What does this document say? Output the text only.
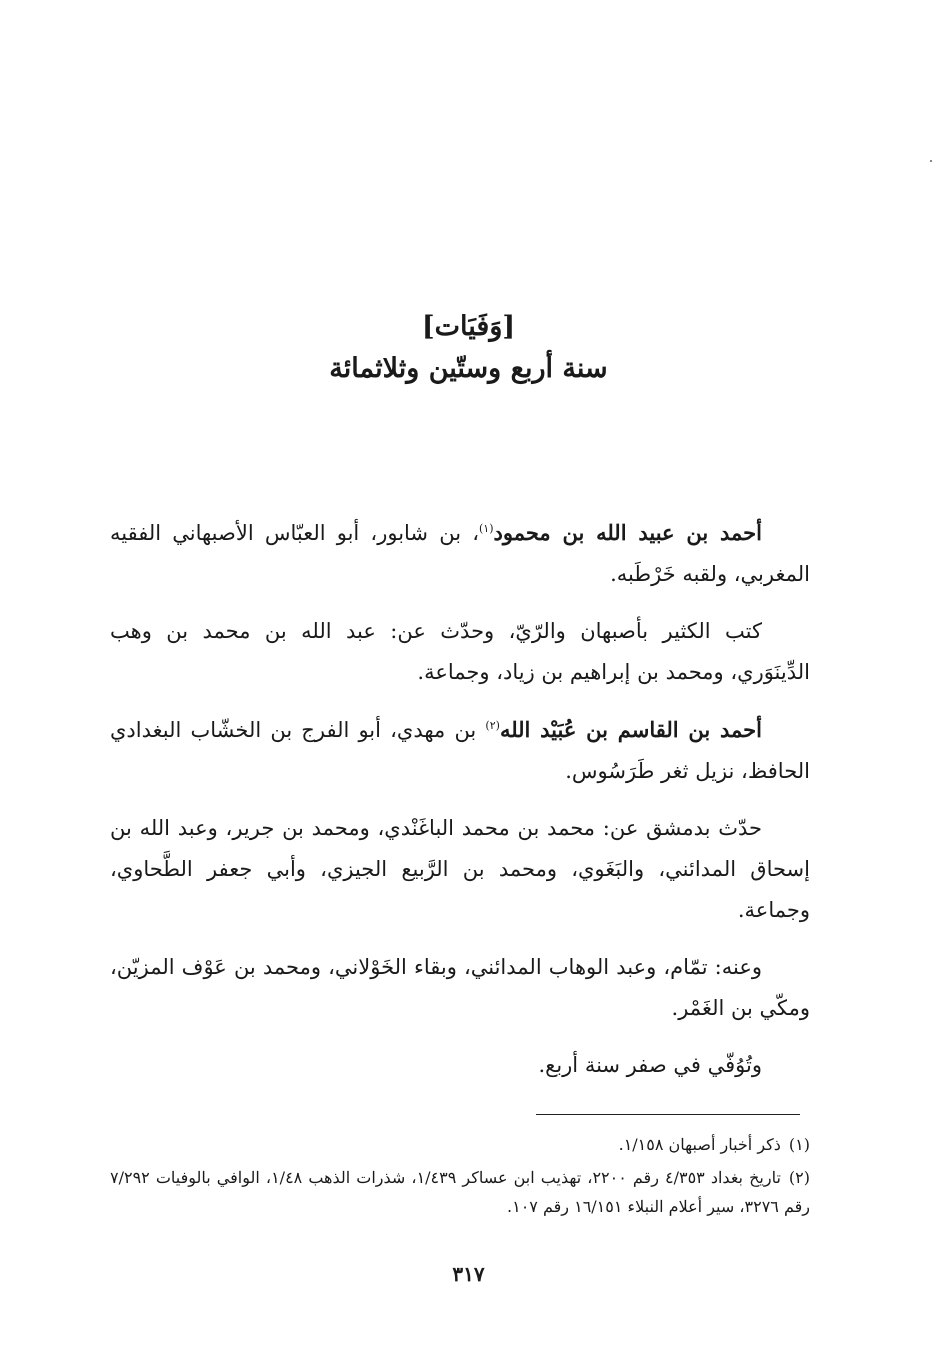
[وَفَيَات]
سنة أربع وستّين وثلاثمائة

أحمد بن عبيد الله بن محمود$^{(١)}$، بن شابور، أبو العبّاس الأصبهاني الفقيه المغربي، ولقبه خَرْطَبه.

كتب الكثير بأصبهان والرّيّ، وحدّث عن: عبد الله بن محمد بن وهب الدِّينَوَري، ومحمد بن إبراهيم بن زياد، وجماعة.

أحمد بن القاسم بن عُبَيْد الله$^{(٢)}$ بن مهدي، أبو الفرج بن الخشّاب البغدادي الحافظ، نزيل ثغر طَرَسُوس.

حدّث بدمشق عن: محمد بن محمد الباغَنْدي، ومحمد بن جرير، وعبد الله بن إسحاق المدائني، والبَغَوي، ومحمد بن الرَّبيع الجيزي، وأبي جعفر الطَّحاوي، وجماعة.

وعنه: تمّام، وعبد الوهاب المدائني، وبقاء الخَوْلاني، ومحمد بن عَوْف المزيّن، ومكّي بن الغَمْر.

وتُوُفّي في صفر سنة أربع.

(١)ذكر أخبار أصبهان ١/١٥٨.

(٢)تاريخ بغداد ٤/٣٥٣ رقم ٢٢٠٠، تهذيب ابن عساكر ١/٤٣٩، شذرات الذهب ١/٤٨، الوافي بالوفيات ٧/٢٩٢ رقم ٣٢٧٦، سير أعلام النبلاء ١٦/١٥١ رقم ١٠٧.

٣١٧
